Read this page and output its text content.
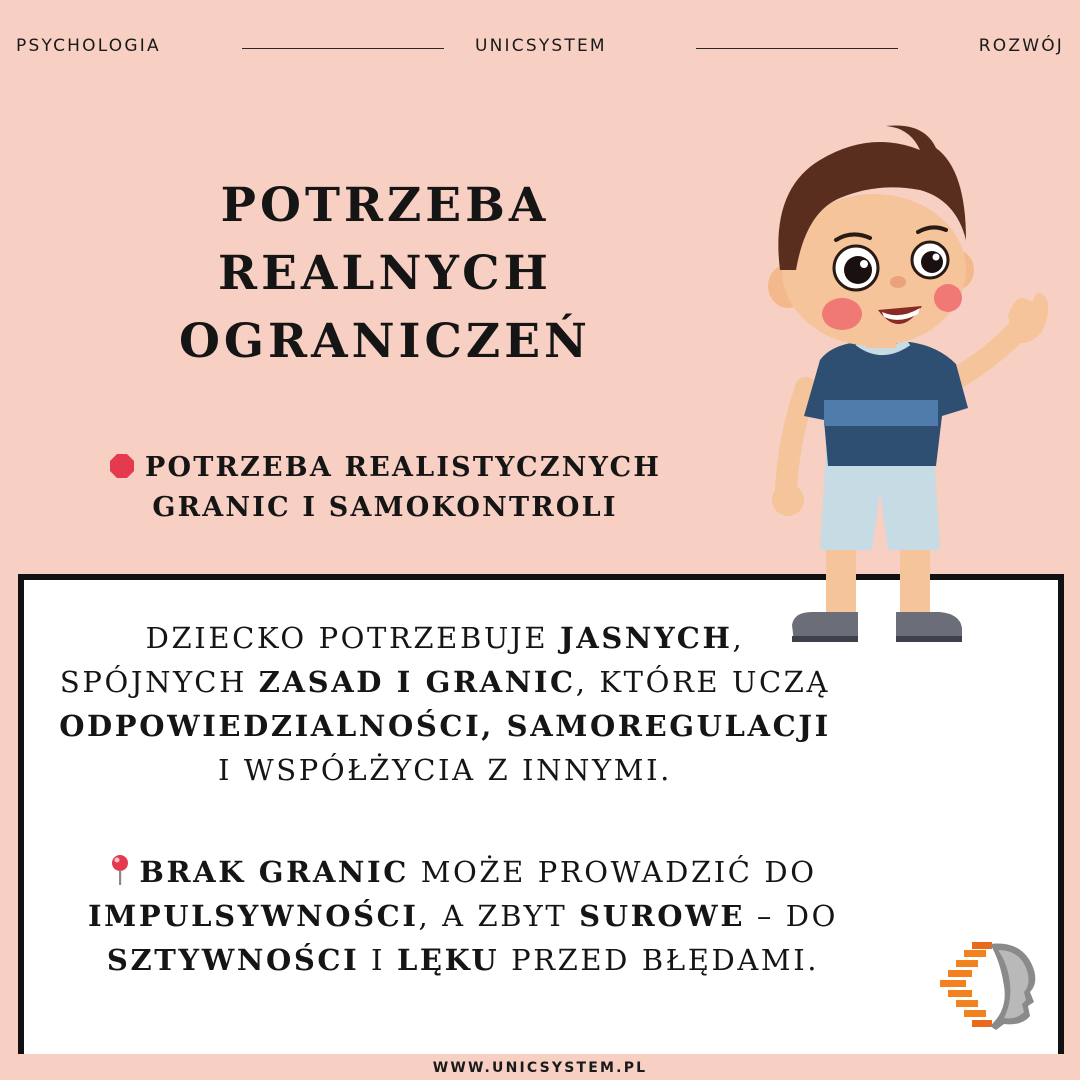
PSYCHOLOGIA	UNICSYSTEM	ROZWÓJ
POTRZEBA
REALNYCH
OGRANICZEŃ
POTRZEBA REALISTYCZNYCH
GRANIC I SAMOKONTROLI
DZIECKO POTRZEBUJE JASNYCH,
SPÓJNYCH ZASAD I GRANIC, KTÓRE UCZĄ
ODPOWIEDZIALNOŚCI, SAMOREGULACJI
I WSPÓŁŻYCIA Z INNYMI.
BRAK GRANIC MOŻE PROWADZIĆ DO
IMPULSYWNOŚCI, A ZBYT SUROWE – DO
SZTYWNOŚCI I LĘKU PRZED BŁĘDAMI.
WWW.UNICSYSTEM.PL
